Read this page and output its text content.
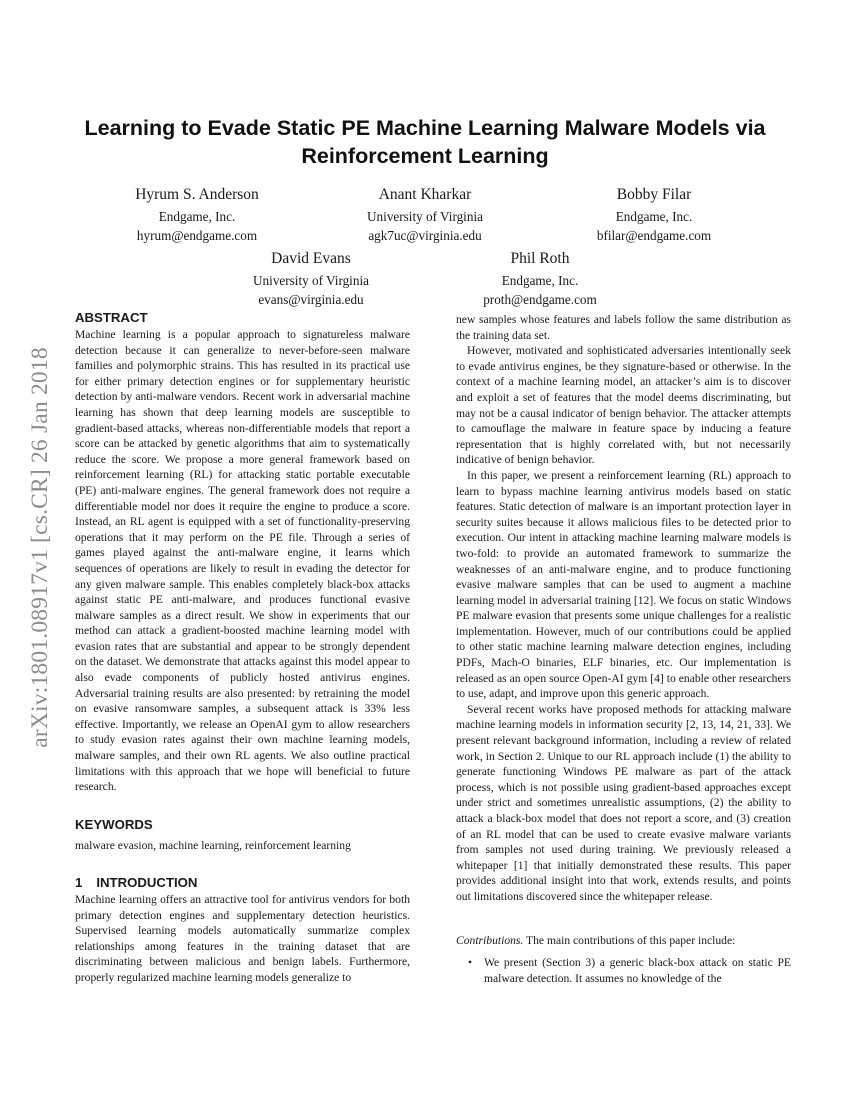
arXiv:1801.08917v1 [cs.CR] 26 Jan 2018
Learning to Evade Static PE Machine Learning Malware Models via Reinforcement Learning
Hyrum S. Anderson
Endgame, Inc.
hyrum@endgame.com
Anant Kharkar
University of Virginia
agk7uc@virginia.edu
Bobby Filar
Endgame, Inc.
bfilar@endgame.com
David Evans
University of Virginia
evans@virginia.edu
Phil Roth
Endgame, Inc.
proth@endgame.com
ABSTRACT

Machine learning is a popular approach to signatureless malware detection because it can generalize to never-before-seen malware families and polymorphic strains. This has resulted in its practical use for either primary detection engines or for supplementary heuristic detection by anti-malware vendors. Recent work in adversarial machine learning has shown that deep learning models are susceptible to gradient-based attacks, whereas non-differentiable models that report a score can be attacked by genetic algorithms that aim to systematically reduce the score. We propose a more general framework based on reinforcement learning (RL) for attacking static portable executable (PE) anti-malware engines. The general framework does not require a differentiable model nor does it require the engine to produce a score. Instead, an RL agent is equipped with a set of functionality-preserving operations that it may perform on the PE file. Through a series of games played against the anti-malware engine, it learns which sequences of operations are likely to result in evading the detector for any given malware sample. This enables completely black-box attacks against static PE anti-malware, and produces functional evasive malware samples as a direct result. We show in experiments that our method can attack a gradient-boosted machine learning model with evasion rates that are substantial and appear to be strongly dependent on the dataset. We demonstrate that attacks against this model appear to also evade components of publicly hosted antivirus engines. Adversarial training results are also presented: by retraining the model on evasive ransomware samples, a subsequent attack is 33% less effective. Importantly, we release an OpenAI gym to allow researchers to study evasion rates against their own machine learning models, malware samples, and their own RL agents. We also outline practical limitations with this approach that we hope will beneficial to future research.

KEYWORDS
malware evasion, machine learning, reinforcement learning
1 INTRODUCTION

Machine learning offers an attractive tool for antivirus vendors for both primary detection engines and supplementary detection heuristics. Supervised learning models automatically summarize complex relationships among features in the training dataset that are discriminating between malicious and benign labels. Furthermore, properly regularized machine learning models generalize to

new samples whose features and labels follow the same distribution as the training data set.

However, motivated and sophisticated adversaries intentionally seek to evade antivirus engines, be they signature-based or otherwise. In the context of a machine learning model, an attacker’s aim is to discover and exploit a set of features that the model deems discriminating, but may not be a causal indicator of benign behavior. The attacker attempts to camouflage the malware in feature space by inducing a feature representation that is highly correlated with, but not necessarily indicative of benign behavior.

In this paper, we present a reinforcement learning (RL) approach to learn to bypass machine learning antivirus models based on static features. Static detection of malware is an important protection layer in security suites because it allows malicious files to be detected prior to execution. Our intent in attacking machine learning malware models is two-fold: to provide an automated framework to summarize the weaknesses of an anti-malware engine, and to produce functioning evasive malware samples that can be used to augment a machine learning model in adversarial training [12]. We focus on static Windows PE malware evasion that presents some unique challenges for a realistic implementation. However, much of our contributions could be applied to other static machine learning malware detection engines, including PDFs, Mach-O binaries, ELF binaries, etc. Our implementation is released as an open source Open-AI gym [4] to enable other researchers to use, adapt, and improve upon this generic approach.

Several recent works have proposed methods for attacking malware machine learning models in information security [2, 13, 14, 21, 33]. We present relevant background information, including a review of related work, in Section 2. Unique to our RL approach include (1) the ability to generate functioning Windows PE malware as part of the attack process, which is not possible using gradient-based approaches except under strict and sometimes unrealistic assumptions, (2) the ability to attack a black-box model that does not report a score, and (3) creation of an RL model that can be used to create evasive malware variants from samples not used during training. We previously released a whitepaper [1] that initially demonstrated these results. This paper provides additional insight into that work, extends results, and points out limitations discovered since the whitepaper release.

Contributions. The main contributions of this paper include:
•	We present (Section 3) a generic black-box attack on static PE malware detection. It assumes no knowledge of the
